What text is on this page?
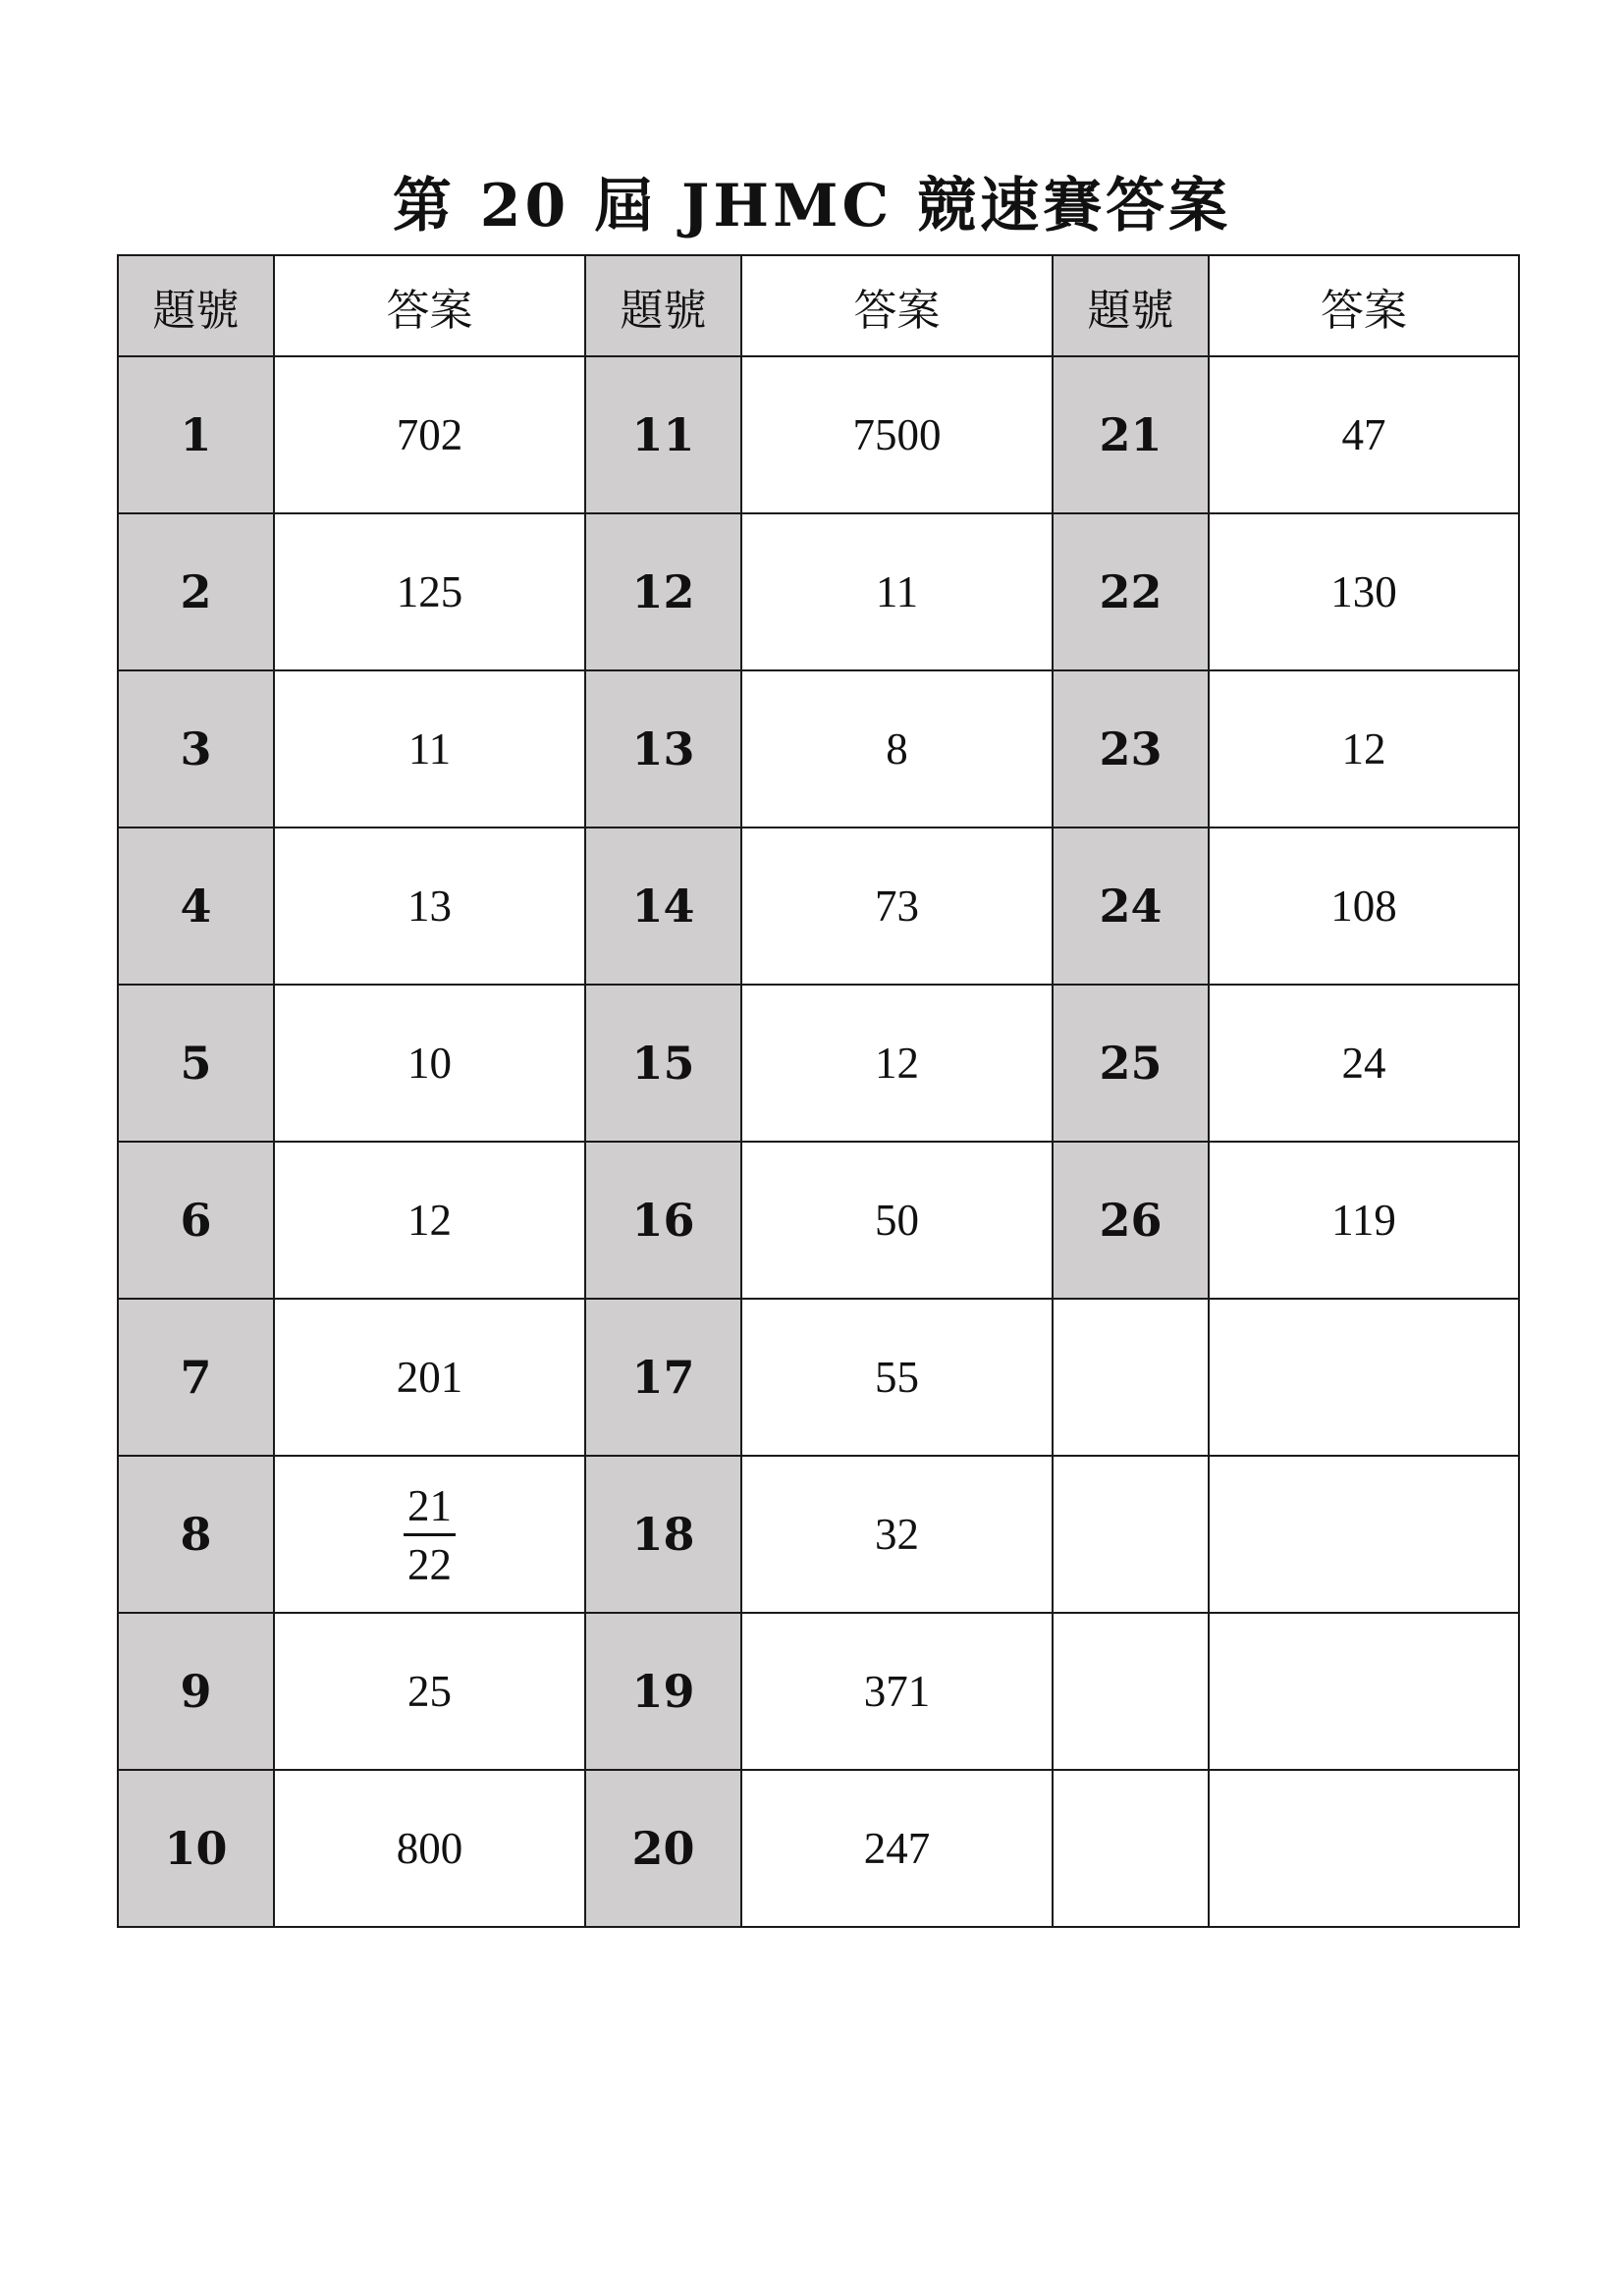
第 20 屆 JHMC 競速賽答案
題號	答案	題號	答案	題號	答案
1	702	11	7500	21	47
2	125	12	11	22	130
3	11	13	8	23	12
4	13	14	73	24	108
5	10	15	12	25	24
6	12	16	50	26	119
7	201	17	55		
8	$\frac{21}{22}$	18	32		
9	25	19	371		
10	800	20	247		
